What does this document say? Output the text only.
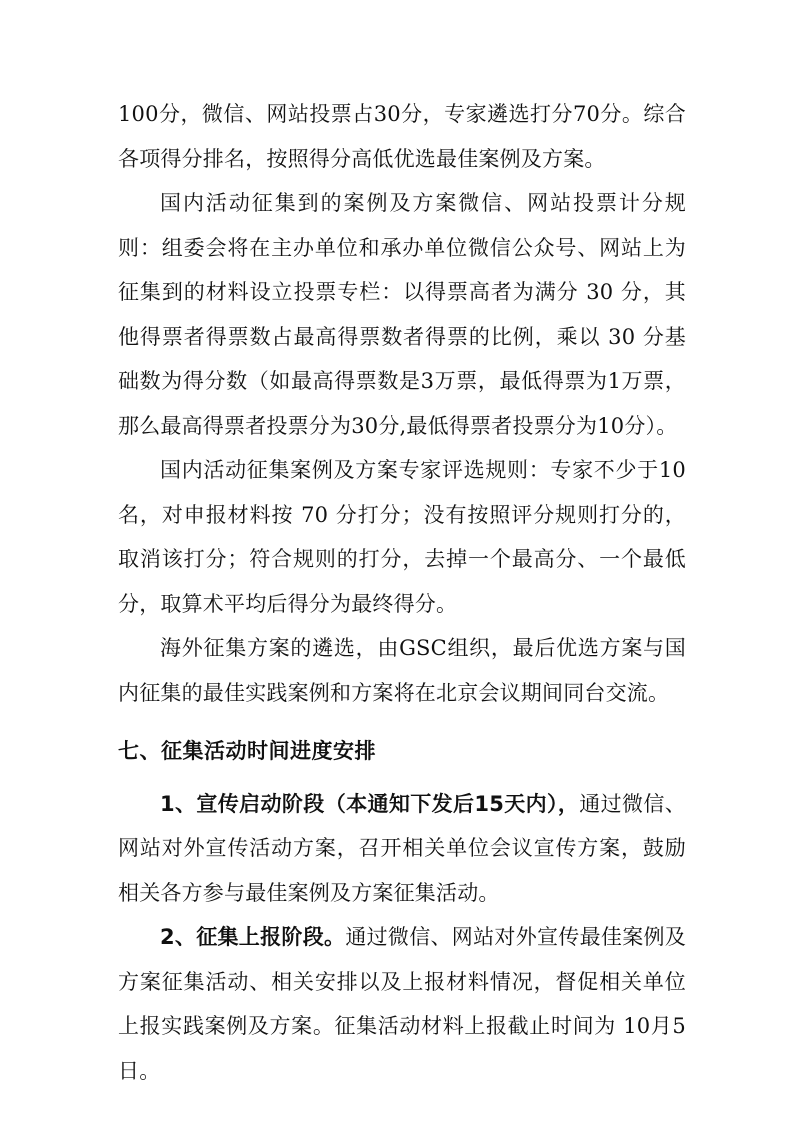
100分，微信、网站投票占30分，专家遴选打分70分。综合各项得分排名，按照得分高低优选最佳案例及方案。

国内活动征集到的案例及方案微信、网站投票计分规则：组委会将在主办单位和承办单位微信公众号、网站上为征集到的材料设立投票专栏：以得票高者为满分 30 分，其他得票者得票数占最高得票数者得票的比例，乘以 30 分基础数为得分数（如最高得票数是3万票，最低得票为1万票，那么最高得票者投票分为30分,最低得票者投票分为10分）。

国内活动征集案例及方案专家评选规则：专家不少于10名，对申报材料按 70 分打分；没有按照评分规则打分的，取消该打分；符合规则的打分，去掉一个最高分、一个最低分，取算术平均后得分为最终得分。

海外征集方案的遴选，由GSC组织，最后优选方案与国内征集的最佳实践案例和方案将在北京会议期间同台交流。

七、征集活动时间进度安排

1、宣传启动阶段（本通知下发后15天内），通过微信、网站对外宣传活动方案，召开相关单位会议宣传方案，鼓励相关各方参与最佳案例及方案征集活动。

2、征集上报阶段。通过微信、网站对外宣传最佳案例及方案征集活动、相关安排以及上报材料情况，督促相关单位上报实践案例及方案。征集活动材料上报截止时间为 10月5日。
